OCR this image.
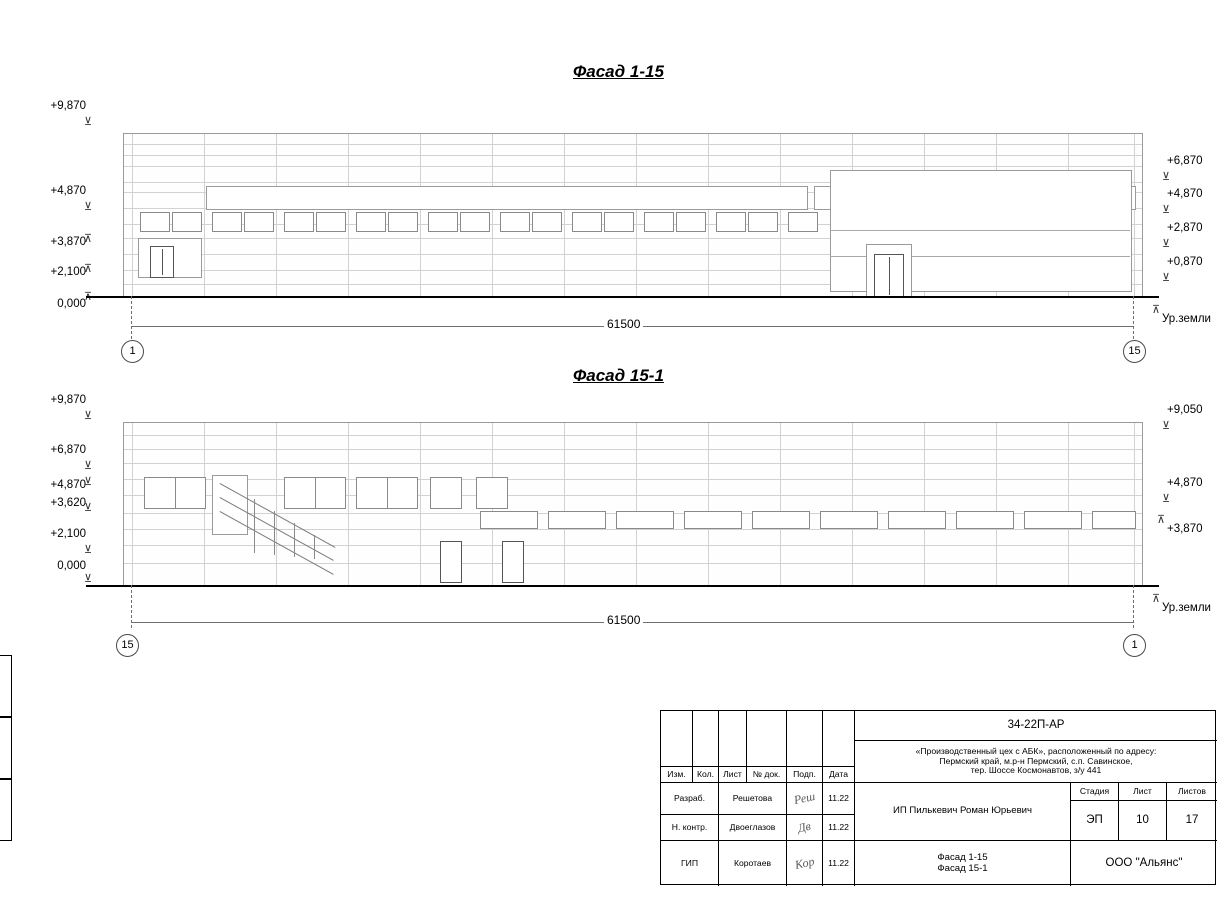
Фасад 1-15
+9,870
⊻
+4,870
⊻
+3,870
⊼
+2,100
⊼
0,000
⊼
+6,870
⊻
+4,870
⊻
+2,870
⊻
+0,870
⊻
Ур.земли
⊼
1	15
61500
Фасад 15-1
+9,870
⊻
+6,870
⊻
+4,870
⊻
+3,620
⊻
+2,100
⊻
0,000
⊻
+9,050
⊻
+4,870
⊻
+3,870
⊼
Ур.земли
⊼
15	1
61500
Изм.	Кол.	Лист	№ док.	Подп.	Дата
Разраб.	Решетова	Реш	11.22
Н. контр.	Двоеглазов	Дв	11.22
ГИП	Коротаев	Кор	11.22
34-22П-АР
«Производственный цех с АБК», расположенный по адресу:
Пермский край, м.р-н Пермский, с.п. Савинское,
тер. Шоссе Космонавтов, з/у 441
ИП Пилькевич Роман Юрьевич
Стадия	Лист	Листов
ЭП	10	17
Фасад 1-15
Фасад 15-1	ООО "Альянс"
